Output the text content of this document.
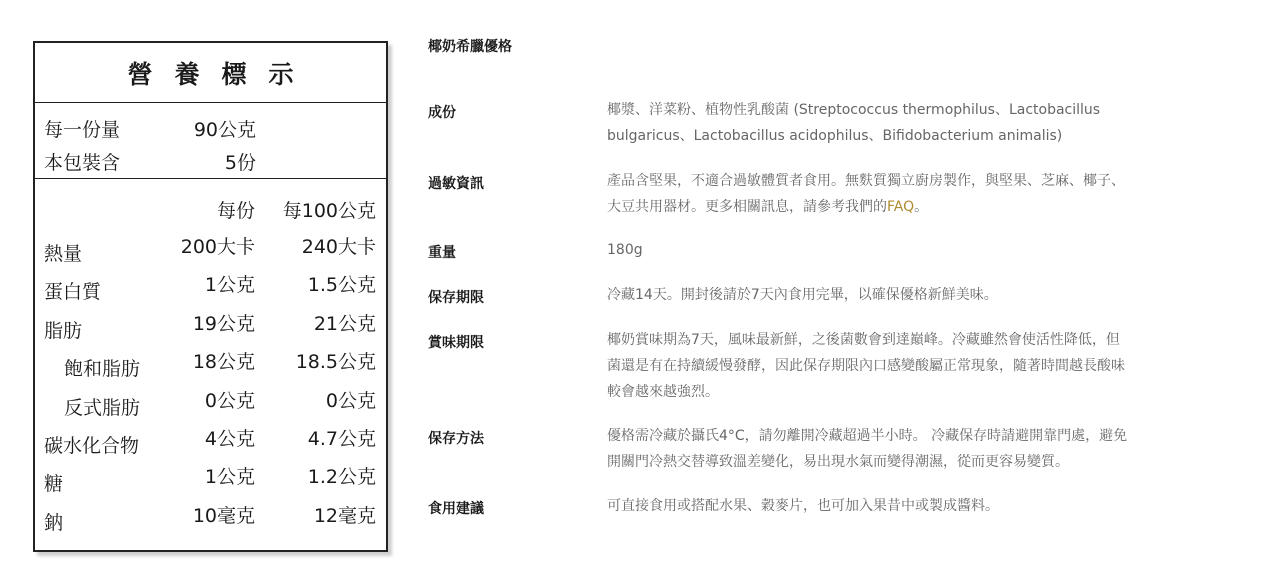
營養標示
每一份量	90公克
本包裝含	5份
每份 每100公克
熱量	200大卡 240大卡
蛋白質	1公克	1.5公克
脂肪	19公克	21公克
飽和脂肪	18公克 18.5公克
反式脂肪	0公克	0公克
碳水化合物	4公克	4.7公克
糖	1公克	1.2公克
鈉	10毫克	12毫克
椰奶希臘優格
成份	椰漿、洋菜粉、植物性乳酸菌 (Streptococcus thermophilus、Lactobacillus
bulgaricus、Lactobacillus acidophilus、Bifidobacterium animalis)
過敏資訊	產品含堅果，不適合過敏體質者食用。無麩質獨立廚房製作，與堅果、芝麻、椰子、
大豆共用器材。更多相關訊息，請參考我們的FAQ。
重量	180g
保存期限	冷藏14天。開封後請於7天內食用完畢，以確保優格新鮮美味。
賞味期限	椰奶賞味期為7天，風味最新鮮，之後菌數會到達巔峰。冷藏雖然會使活性降低，但
菌還是有在持續緩慢發酵，因此保存期限內口感變酸屬正常現象，隨著時間越長酸味
較會越來越強烈。
保存方法	優格需冷藏於攝氏4°C，請勿離開冷藏超過半小時。 冷藏保存時請避開靠門處，避免
開關門冷熱交替導致溫差變化，易出現水氣而變得潮濕，從而更容易變質。
食用建議	可直接食用或搭配水果、穀麥片，也可加入果昔中或製成醬料。
